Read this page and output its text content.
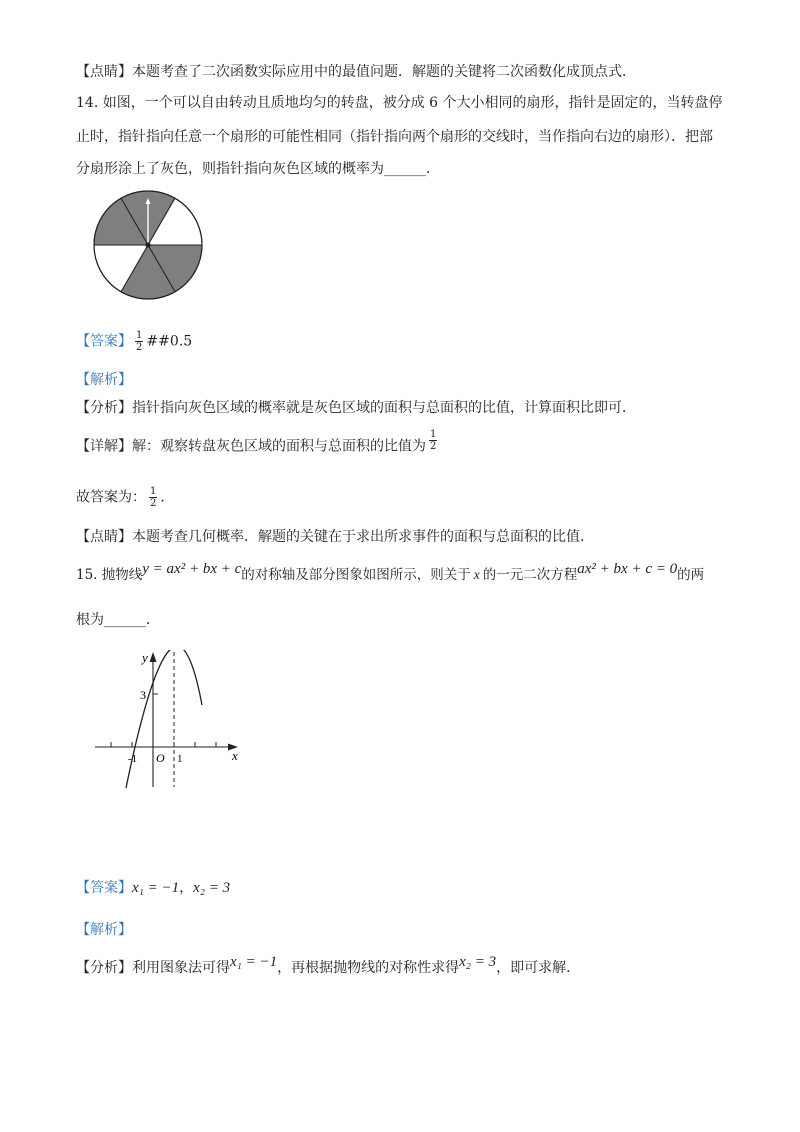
【点睛】本题考查了二次函数实际应用中的最值问题．解题的关键将二次函数化成顶点式．
14. 如图，一个可以自由转动且质地均匀的转盘，被分成 6 个大小相同的扇形，指针是固定的，当转盘停
止时，指针指向任意一个扇形的可能性相同（指针指向两个扇形的交线时，当作指向右边的扇形）．把部
分扇形涂上了灰色，则指针指向灰色区域的概率为______．
【答案】 $\frac{1}{2}$ ##0.5
【解析】
【分析】指针指向灰色区域的概率就是灰色区域的面积与总面积的比值，计算面积比即可．
【详解】解：观察转盘灰色区域的面积与总面积的比值为 $\frac{1}{2}$
故答案为： $\frac{1}{2}$ ．
【点睛】本题考查几何概率．解题的关键在于求出所求事件的面积与总面积的比值．
15. 抛物线y = ax² + bx + c的对称轴及部分图象如图所示，则关于 x 的一元二次方程ax² + bx + c = 0的两
根为______．
y
x
3
-1 O 1
【答案】x₁ = −1，x₂ = 3
【解析】
【分析】利用图象法可得x₁ = −1，再根据抛物线的对称性求得x₂ = 3，即可求解．
